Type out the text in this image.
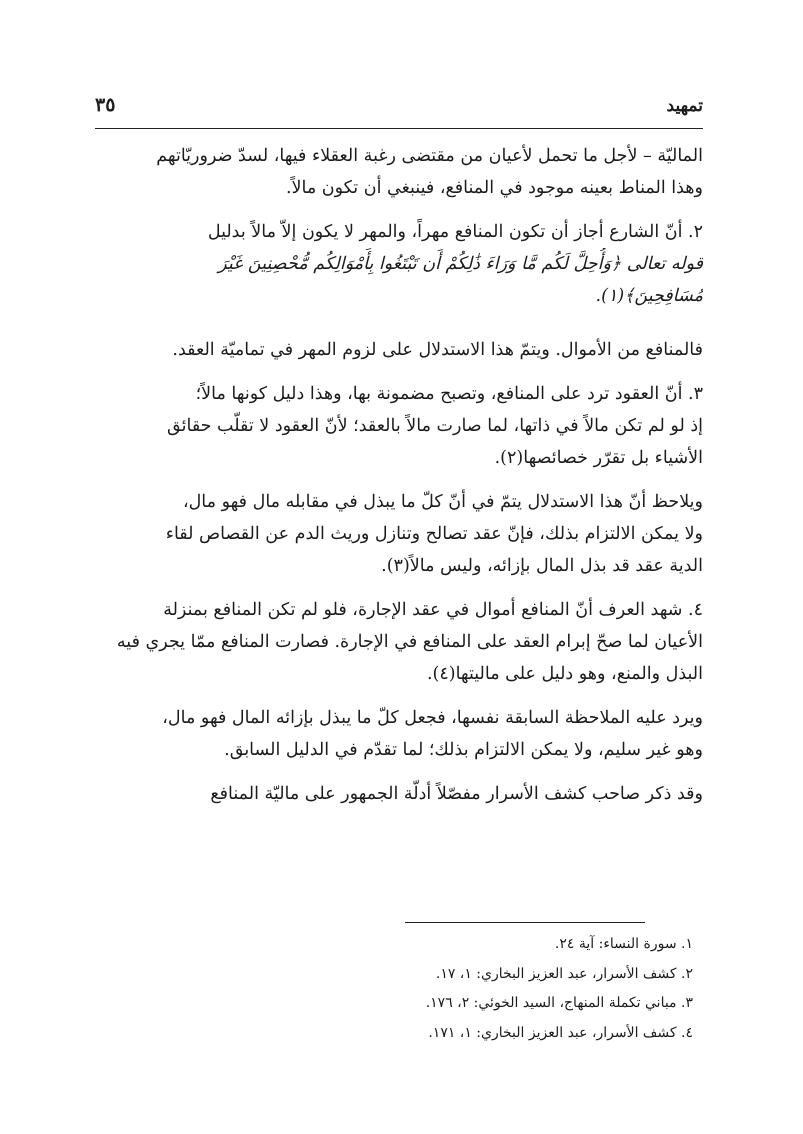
تمهيد
٣٥
الماليّة – لأجل ما تحمل لأعيان من مقتضى رغبة العقلاء فيها، لسدّ ضروريّاتهم
وهذا المناط بعينه موجود في المنافع، فينبغي أن تكون مالاً.
٢. أنّ الشارع أجاز أن تكون المنافع مهراً، والمهر لا يكون إلاّ مالاً بدليل
قوله تعالى ﴿وَأُحِلَّ لَكُم مَّا وَرَاءَ ذَٰلِكُمْ أَن تَبْتَغُوا بِأَمْوَالِكُم مُّحْصِنِينَ غَيْرَ
مُسَافِحِينَ﴾(١).
فالمنافع من الأموال. ويتمّ هذا الاستدلال على لزوم المهر في تماميّة العقد.
٣. أنّ العقود ترد على المنافع، وتصبح مضمونة بها، وهذا دليل كونها مالاً؛
إذ لو لم تكن مالاً في ذاتها، لما صارت مالاً بالعقد؛ لأنّ العقود لا تقلّب حقائق
الأشياء بل تقرّر خصائصها(٢).
ويلاحظ أنّ هذا الاستدلال يتمّ في أنّ كلّ ما يبذل في مقابله مال فهو مال،
ولا يمكن الالتزام بذلك، فإنّ عقد تصالح وتنازل وريث الدم عن القصاص لقاء
الدية عقد قد بذل المال بإزائه، وليس مالاً(٣).
٤. شهد العرف أنّ المنافع أموال في عقد الإجارة، فلو لم تكن المنافع بمنزلة
الأعيان لما صحّ إبرام العقد على المنافع في الإجارة. فصارت المنافع ممّا يجري فيه
البذل والمنع، وهو دليل على ماليتها(٤).
ويرد عليه الملاحظة السابقة نفسها، فجعل كلّ ما يبذل بإزائه المال فهو مال،
وهو غير سليم، ولا يمكن الالتزام بذلك؛ لما تقدّم في الدليل السابق.
وقد ذكر صاحب كشف الأسرار مفصّلاً أدلّة الجمهور على ماليّة المنافع
١. سورة النساء: آية ٢٤.
٢. كشف الأسرار، عبد العزيز البخاري: ١، ١٧.
٣. مباني تكملة المنهاج، السيد الخوئي: ٢، ١٧٦.
٤. كشف الأسرار، عبد العزيز البخاري: ١، ١٧١.
